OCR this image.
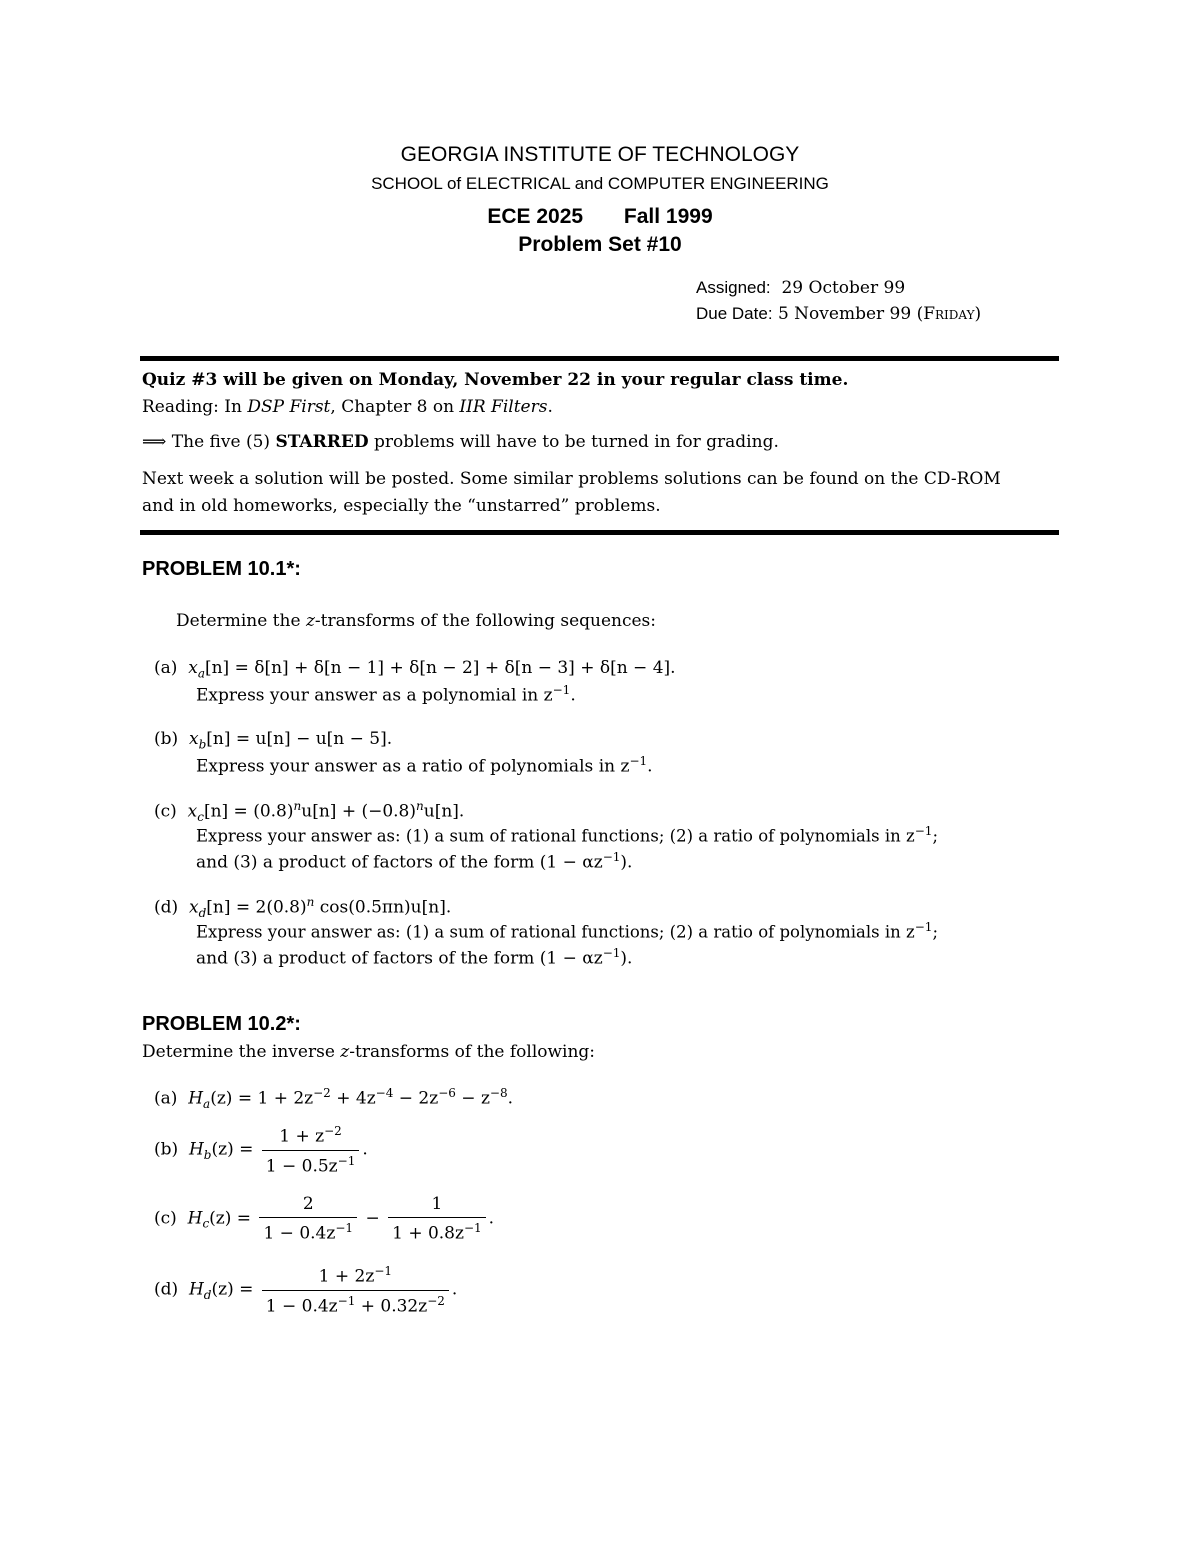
GEORGIA INSTITUTE OF TECHNOLOGY
SCHOOL of ELECTRICAL and COMPUTER ENGINEERING
ECE 2025 Fall 1999
Problem Set #10
Assigned: 29 October 99
Due Date: 5 November 99 (Friday)
Quiz #3 will be given on Monday, November 22 in your regular class time.
Reading: In DSP First, Chapter 8 on IIR Filters.
⟹ The five (5) STARRED problems will have to be turned in for grading.
Next week a solution will be posted. Some similar problems solutions can be found on the CD-ROM
and in old homeworks, especially the “unstarred” problems.
PROBLEM 10.1*:
Determine the z-transforms of the following sequences:
(a) $x_a[n] = \delta[n] + \delta[n - 1] + \delta[n - 2] + \delta[n - 3] + \delta[n - 4]$.
Express your answer as a polynomial in $z^{-1}$.
(b) $x_b[n] = u[n] - u[n - 5]$.
Express your answer as a ratio of polynomials in $z^{-1}$.
(c) $x_c[n] = (0.8)^nu[n] + (-0.8)^nu[n]$.
Express your answer as: (1) a sum of rational functions; (2) a ratio of polynomials in $z^{-1}$;
and (3) a product of factors of the form $(1 - \alpha z^{-1})$.
(d) $x_d[n] = 2(0.8)^n$ cos(0.5πn)u[n].
Express your answer as: (1) a sum of rational functions; (2) a ratio of polynomials in $z^{-1}$;
and (3) a product of factors of the form $(1 - \alpha z^{-1})$.
PROBLEM 10.2*:
Determine the inverse z-transforms of the following:
(a) $H_a(z) = 1 + 2z^{-2} + 4z^{-4} - 2z^{-6} - z^{-8}$.
(b) $H_b(z) = \frac{1 + z^{-2}}{1 - 0.5z^{-1}}$ .
(c) $H_c(z) = \frac{2}{1 - 0.4z^{-1}} - \frac{1}{1 + 0.8z^{-1}}$ .
(d) $H_d(z) = \frac{1 + 2z^{-1}}{1 - 0.4z^{-1} + 0.32z^{-2}}$ .
